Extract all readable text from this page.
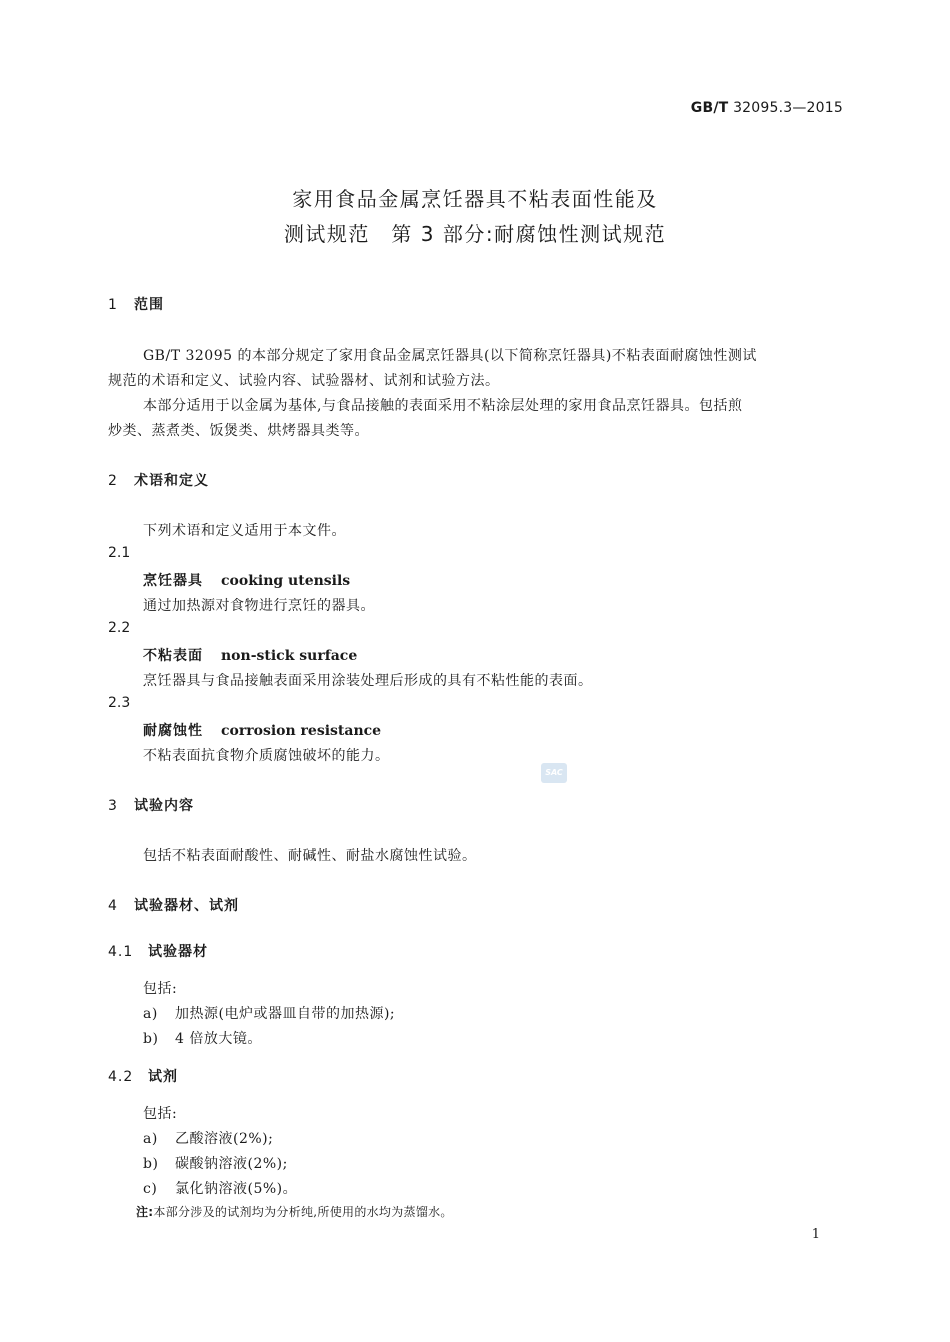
GB/T 32095.3—2015
家用食品金属烹饪器具不粘表面性能及
测试规范　第 3 部分:耐腐蚀性测试规范
1 范围
GB/T 32095 的本部分规定了家用食品金属烹饪器具(以下简称烹饪器具)不粘表面耐腐蚀性测试
规范的术语和定义、试验内容、试验器材、试剂和试验方法。
本部分适用于以金属为基体,与食品接触的表面采用不粘涂层处理的家用食品烹饪器具。包括煎
炒类、蒸煮类、饭煲类、烘烤器具类等。
2 术语和定义
下列术语和定义适用于本文件。
2.1
烹饪器具 cooking utensils
通过加热源对食物进行烹饪的器具。
2.2
不粘表面 non-stick surface
烹饪器具与食品接触表面采用涂装处理后形成的具有不粘性能的表面。
2.3
耐腐蚀性 corrosion resistance
不粘表面抗食物介质腐蚀破坏的能力。
SAC
3 试验内容
包括不粘表面耐酸性、耐碱性、耐盐水腐蚀性试验。
4 试验器材、试剂
4.1 试验器材
包括:
a) 加热源(电炉或器皿自带的加热源);
b) 4 倍放大镜。
4.2 试剂
包括:
a) 乙酸溶液(2%);
b) 碳酸钠溶液(2%);
c) 氯化钠溶液(5%)。
注:本部分涉及的试剂均为分析纯,所使用的水均为蒸馏水。
1
